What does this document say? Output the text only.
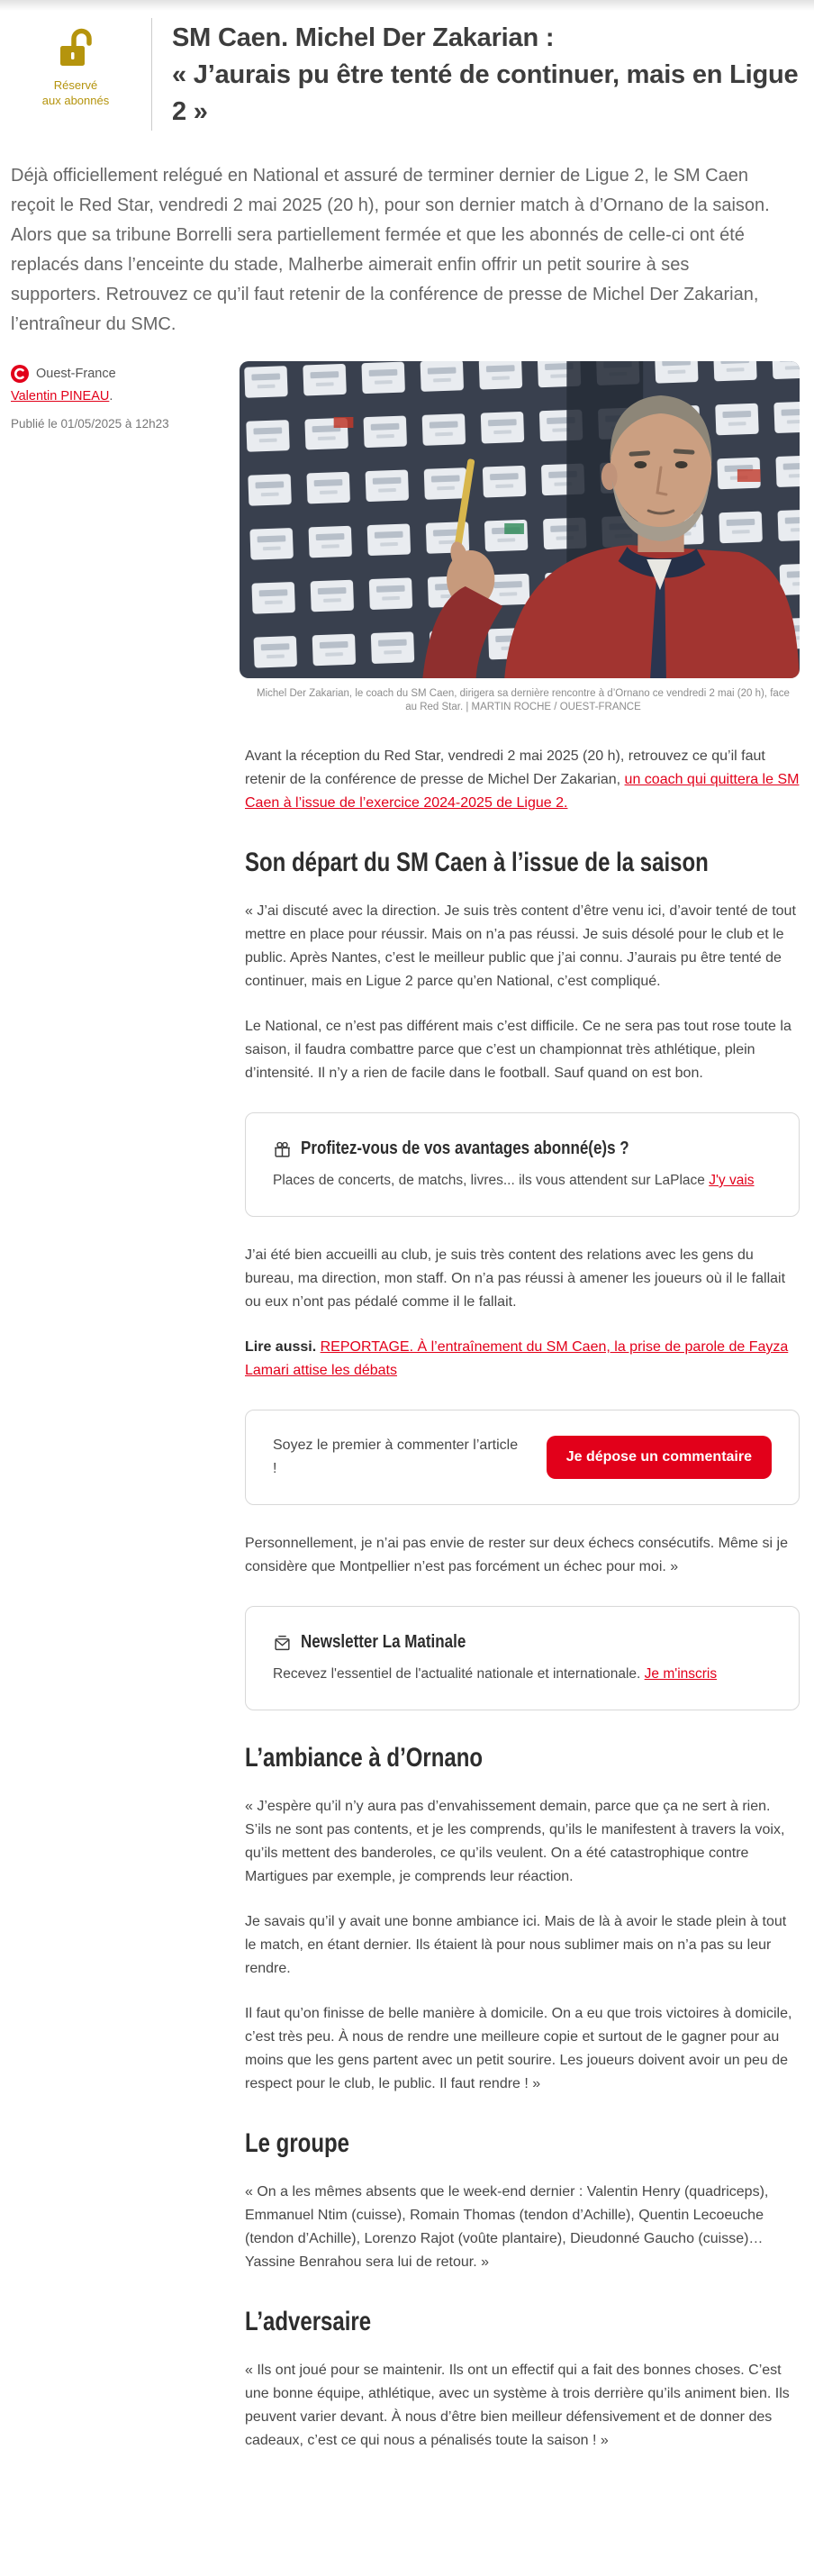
Réservé
aux abonnés
SM Caen. Michel Der Zakarian :
« J’aurais pu être tenté de continuer, mais en Ligue 2 »

Déjà officiellement relégué en National et assuré de terminer dernier de Ligue 2, le SM Caen reçoit le Red Star, vendredi 2 mai 2025 (20 h), pour son dernier match à d’Ornano de la saison. Alors que sa tribune Borrelli sera partiellement fermée et que les abonnés de celle-ci ont été replacés dans l’enceinte du stade, Malherbe aimerait enfin offrir un petit sourire à ses supporters. Retrouvez ce qu’il faut retenir de la conférence de presse de Michel Der Zakarian, l’entraîneur du SMC.

Ouest-France
Valentin PINEAU.
Publié le 01/05/2025 à 12h23
Michel Der Zakarian, le coach du SM Caen, dirigera sa dernière rencontre à d’Ornano ce vendredi 2 mai (20 h), face au Red Star. | MARTIN ROCHE / OUEST-FRANCE

Avant la réception du Red Star, vendredi 2 mai 2025 (20 h), retrouvez ce qu’il faut retenir de la conférence de presse de Michel Der Zakarian, un coach qui quittera le SM Caen à l’issue de l’exercice 2024-2025 de Ligue 2.

Son départ du SM Caen à l’issue de la saison

« J’ai discuté avec la direction. Je suis très content d’être venu ici, d’avoir tenté de tout mettre en place pour réussir. Mais on n’a pas réussi. Je suis désolé pour le club et le public. Après Nantes, c’est le meilleur public que j’ai connu. J’aurais pu être tenté de continuer, mais en Ligue 2 parce qu’en National, c’est compliqué.

Le National, ce n’est pas différent mais c’est difficile. Ce ne sera pas tout rose toute la saison, il faudra combattre parce que c’est un championnat très athlétique, plein d’intensité. Il n’y a rien de facile dans le football. Sauf quand on est bon.

Profitez-vous de vos avantages abonné(e)s ?

Places de concerts, de matchs, livres... ils vous attendent sur LaPlace J'y vais

J’ai été bien accueilli au club, je suis très content des relations avec les gens du bureau, ma direction, mon staff. On n’a pas réussi à amener les joueurs où il le fallait ou eux n’ont pas pédalé comme il le fallait.

Lire aussi. REPORTAGE. À l’entraînement du SM Caen, la prise de parole de Fayza Lamari attise les débats

Soyez le premier à commenter l’article !

Je dépose un commentaire

Personnellement, je n’ai pas envie de rester sur deux échecs consécutifs. Même si je considère que Montpellier n’est pas forcément un échec pour moi. »

Newsletter La Matinale

Recevez l'essentiel de l'actualité nationale et internationale. Je m'inscris

L’ambiance à d’Ornano

« J’espère qu’il n’y aura pas d’envahissement demain, parce que ça ne sert à rien. S’ils ne sont pas contents, et je les comprends, qu’ils le manifestent à travers la voix, qu’ils mettent des banderoles, ce qu’ils veulent. On a été catastrophique contre Martigues par exemple, je comprends leur réaction.

Je savais qu’il y avait une bonne ambiance ici. Mais de là à avoir le stade plein à tout le match, en étant dernier. Ils étaient là pour nous sublimer mais on n’a pas su leur rendre.

Il faut qu’on finisse de belle manière à domicile. On a eu que trois victoires à domicile, c’est très peu. À nous de rendre une meilleure copie et surtout de le gagner pour au moins que les gens partent avec un petit sourire. Les joueurs doivent avoir un peu de respect pour le club, le public. Il faut rendre ! »

Le groupe

« On a les mêmes absents que le week-end dernier : Valentin Henry (quadriceps), Emmanuel Ntim (cuisse), Romain Thomas (tendon d’Achille), Quentin Lecoeuche (tendon d’Achille), Lorenzo Rajot (voûte plantaire), Dieudonné Gaucho (cuisse)… Yassine Benrahou sera lui de retour. »

L’adversaire

« Ils ont joué pour se maintenir. Ils ont un effectif qui a fait des bonnes choses. C’est une bonne équipe, athlétique, avec un système à trois derrière qu’ils animent bien. Ils peuvent varier devant. À nous d’être bien meilleur défensivement et de donner des cadeaux, c’est ce qui nous a pénalisés toute la saison ! »
